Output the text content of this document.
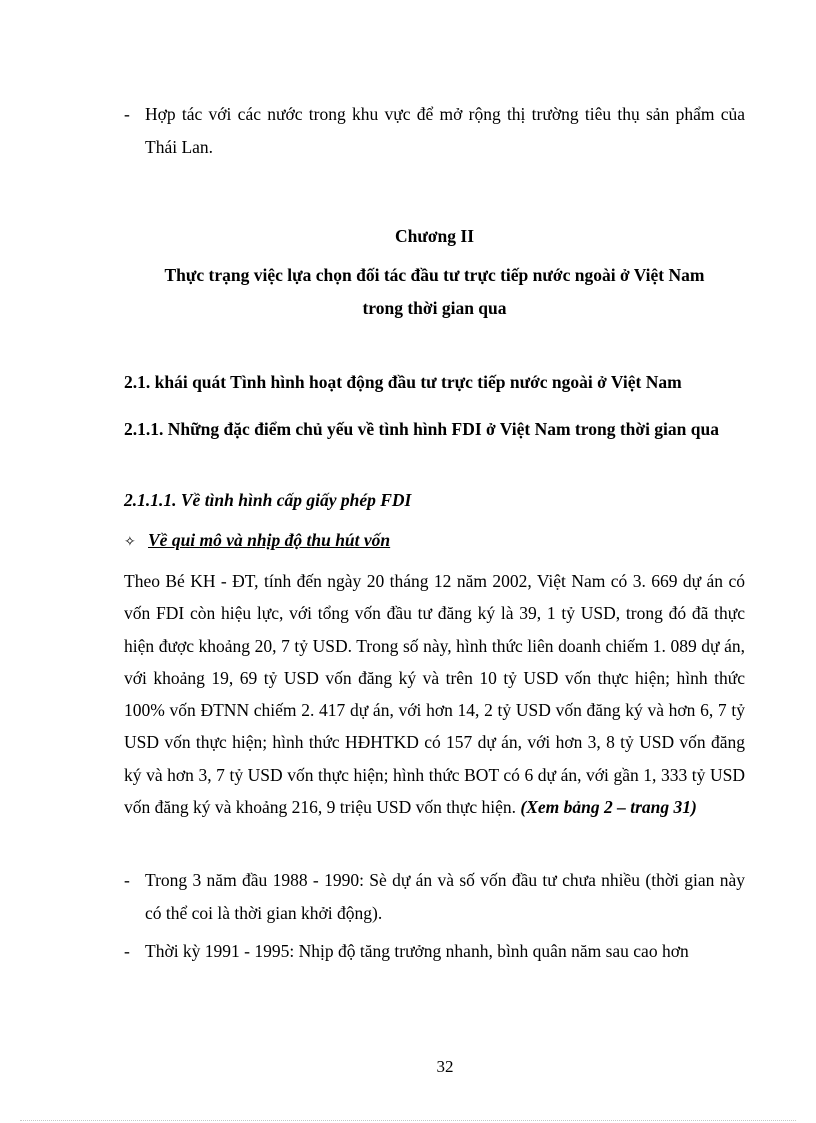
- Hợp tác với các nước trong khu vực để mở rộng thị trường tiêu thụ sản phẩm của Thái Lan.
Chương II
Thực trạng việc lựa chọn đối tác đầu tư trực tiếp nước ngoài ở Việt Nam
trong thời gian qua
2.1. khái quát Tình hình hoạt động đầu tư trực tiếp nước ngoài ở Việt Nam
2.1.1. Những đặc điểm chủ yếu về tình hình FDI ở Việt Nam trong thời gian qua
2.1.1.1. Về tình hình cấp giấy phép FDI
✧ Về qui mô và nhịp độ thu hút vốn
Theo Bé KH - ĐT, tính đến ngày 20 tháng 12 năm 2002, Việt Nam có 3. 669 dự án có vốn FDI còn hiệu lực, với tổng vốn đầu tư đăng ký là 39, 1 tỷ USD, trong đó đã thực hiện được khoảng 20, 7 tỷ USD. Trong số này, hình thức liên doanh chiếm 1. 089 dự án, với khoảng 19, 69 tỷ USD vốn đăng ký và trên 10 tỷ USD vốn thực hiện; hình thức 100% vốn ĐTNN chiếm 2. 417 dự án, với hơn 14, 2 tỷ USD vốn đăng ký và hơn 6, 7 tỷ USD vốn thực hiện; hình thức HĐHTKD có 157 dự án, với hơn 3, 8 tỷ USD vốn đăng ký và hơn 3, 7 tỷ USD vốn thực hiện; hình thức BOT có 6 dự án, với gần 1, 333 tỷ USD vốn đăng ký và khoảng 216, 9 triệu USD vốn thực hiện. (Xem bảng 2 – trang 31)
- Trong 3 năm đầu 1988 - 1990: Sè dự án và số vốn đầu tư chưa nhiều (thời gian này có thể coi là thời gian khởi động).
- Thời kỳ 1991 - 1995: Nhịp độ tăng trưởng nhanh, bình quân năm sau cao hơn
32
